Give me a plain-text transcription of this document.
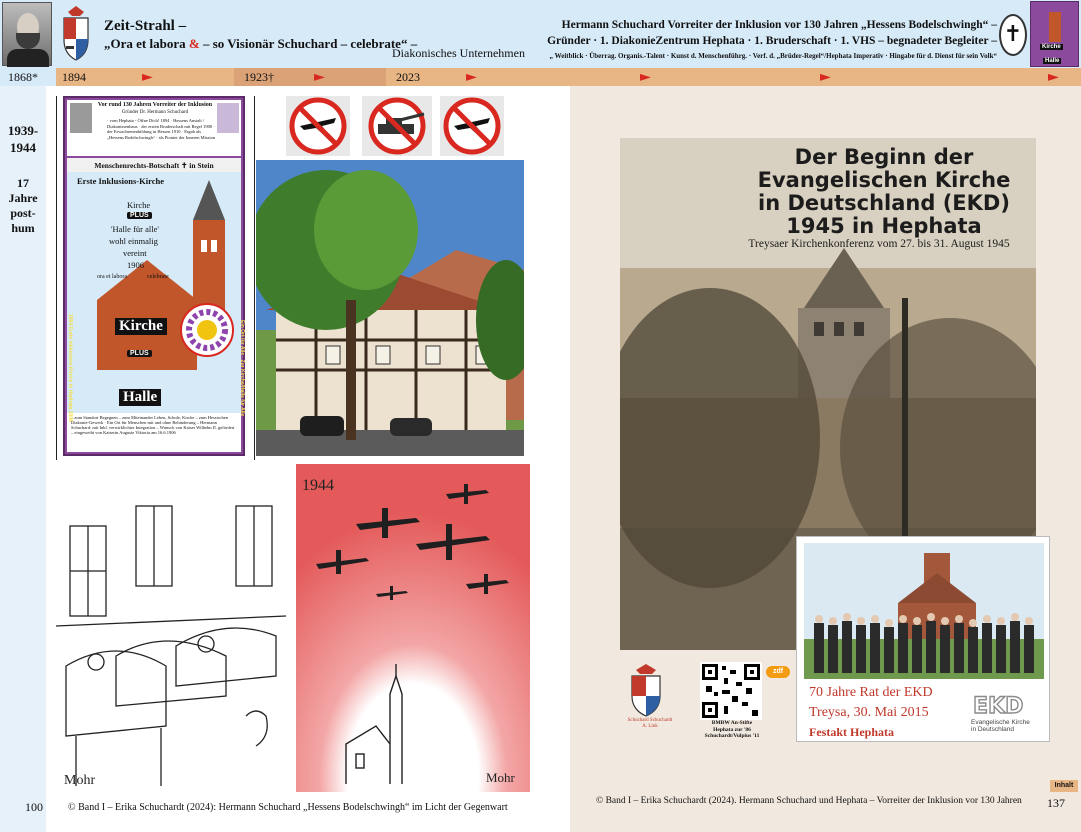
Zeit-Strahl –
„Ora et labora & – so Visionär Schuchard – celebrate“ –
Diakonisches Unternehmen
Hermann Schuchard Vorreiter der Inklusion vor 130 Jahren „Hessens Bodelschwingh“ –
Gründer · 1. DiakonieZentrum Hephata · 1. Bruderschaft · 1. VHS – begnadeter Begleiter –
„ Weitblick · Überrag. Organis.-Talent · Kunst d. Menschenführg. · Verf. d. „Brüder-Regel“/Hephata Imperativ · Hingabe für d. Dienst für sein Volk“
✝	Kirche
Halle
1868* 1894	1923†	2023
►	►	►	►	►	►
1939-
1944
17
Jahre
post-
hum
Vor rund 130 Jahren Vorreiter der Inklusion
Gründer Dr. Hermann Schuchard
· vom Hephata - Öffne Dich! 1894 · Hessens Anstalt / Diakonissenhaus · der ersten Bruderschaft mit Regel 1900 · der Erwachsenenbildung in Hessen 1910 · Ergab als „Hessens Bodelschwingh“ · als Pionier der Inneren Mission
Menschenrechts-Botschaft ✝ in Stein
Erste Inklusions-Kirche
Kirche
PLUS
'Halle für alle'
wohl einmalig
vereint
1906
ora et labora	celebrate
Kirche
PLUS
Halle
– zum Standort Begegnen – zum Miteinander Leben, Schule, Kirche – zum Hessischen Diakonie-Gewerk · Ein Ort für Menschen mit und ohne Behinderung – Hermann Schuchard: mit Inkl. verwirklichter Integration – Wunsch von Kaiser Wilhelm II. gefördert – eingeweiht von Kaiserin Auguste Viktoria am 16.6.1906
1894 Erste Inklusions-Kirche in Hephata 1906	Ein Ort für Alle · Zur Kirche/Halle für Alle
Mohr
1944
Mohr
Der Beginn der
Evangelischen Kirche
in Deutschland (EKD)
1945 in Hephata
Treysaer Kirchenkonferenz vom 27. bis 31. August 1945
70 Jahre Rat der EKD
Treysa, 30. Mai 2015
Festakt Hephata
EKD
Evangelische Kirche
in Deutschland
Schuchard Schuchardt
A. Link
zdf
BMBW An-Stifte
Hephata zur '86
Schuchardt/Vulpius '11
100	© Band I – Erika Schuchardt (2024): Hermann Schuchard „Hessens Bodelschwingh“ im Licht der Gegenwart
© Band I – Erika Schuchardt (2024). Hermann Schuchard und Hephata – Vorreiter der Inklusion vor 130 Jahren
Inhalt
137
